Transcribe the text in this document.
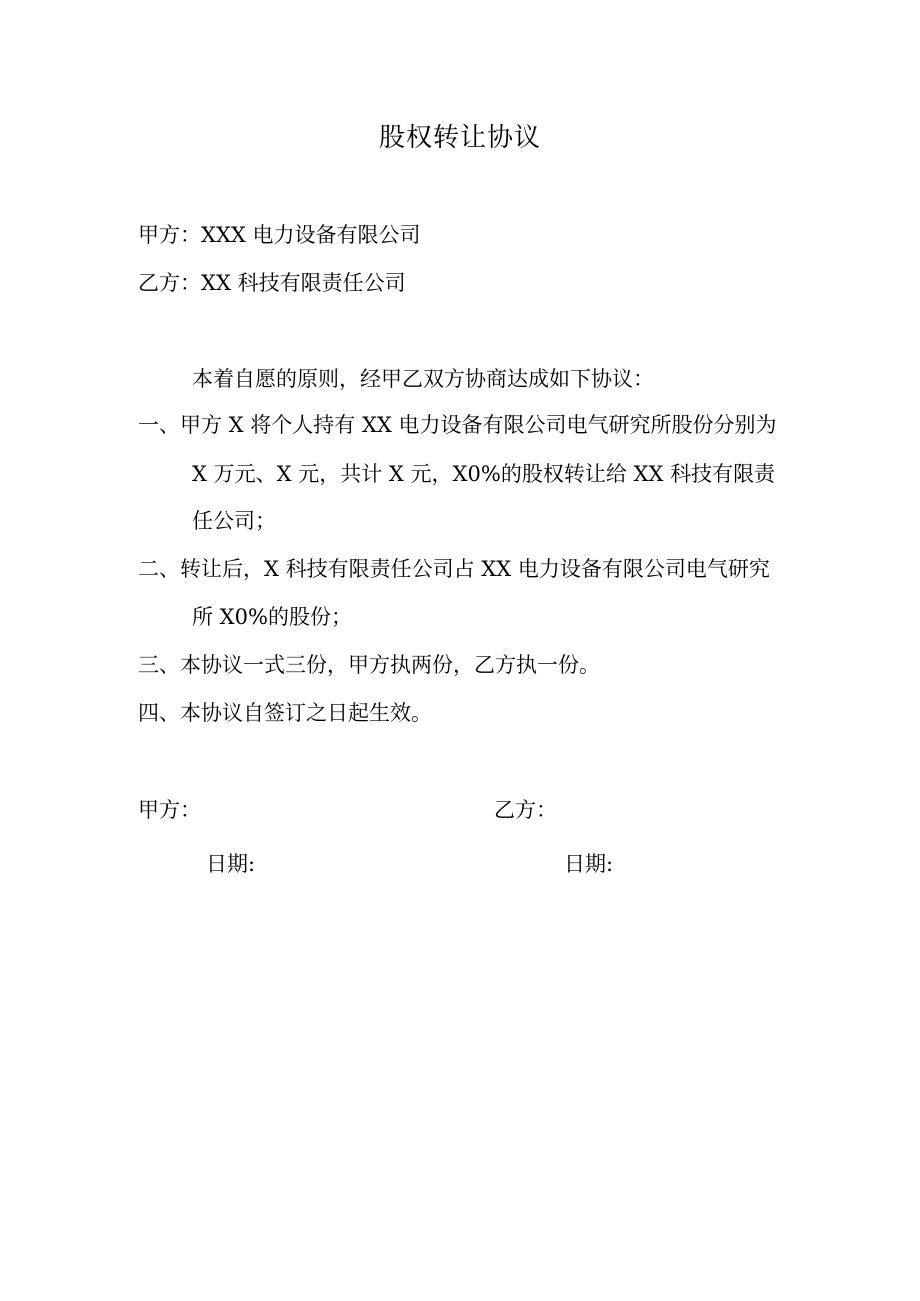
股权转让协议
甲方：XXX 电力设备有限公司
乙方：XX 科技有限责任公司
本着自愿的原则，经甲乙双方协商达成如下协议：
一、甲方 X 将个人持有 XX 电力设备有限公司电气研究所股份分别为
X 万元、X 元，共计 X 元，X0%的股权转让给 XX 科技有限责
任公司；
二、转让后，X 科技有限责任公司占 XX 电力设备有限公司电气研究
所 X0%的股份；
三、本协议一式三份，甲方执两份，乙方执一份。
四、本协议自签订之日起生效。
甲方：	乙方：
日期:	日期:
